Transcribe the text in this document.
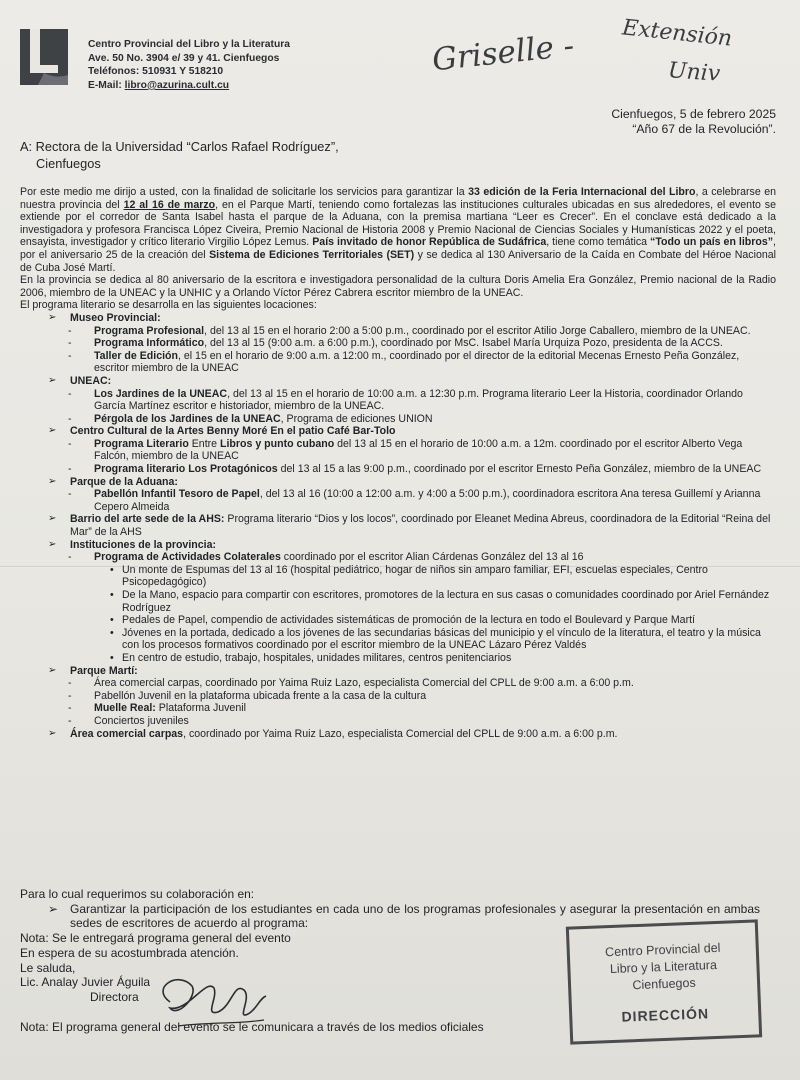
Centro Provincial del Libro y la Literatura
Ave. 50 No. 3904 e/ 39 y 41. Cienfuegos
Teléfonos: 510931 Y 518210
E-Mail: libro@azurina.cult.cu
Griselle - Extensión
Univ
Cienfuegos, 5 de febrero 2025
“Año 67 de la Revolución”.
A: Rectora de la Universidad “Carlos Rafael Rodríguez”,
Cienfuegos

Por este medio me dirijo a usted, con la finalidad de solicitarle los servicios para garantizar la 33 edición de la Feria Internacional del Libro, a celebrarse en nuestra provincia del 12 al 16 de marzo, en el Parque Martí, teniendo como fortalezas las instituciones culturales ubicadas en sus alrededores, el evento se extiende por el corredor de Santa Isabel hasta el parque de la Aduana, con la premisa martiana “Leer es Crecer”. En el conclave está dedicado a la investigadora y profesora Francisca López Civeira, Premio Nacional de Historia 2008 y Premio Nacional de Ciencias Sociales y Humanísticas 2022 y el poeta, ensayista, investigador y crítico literario Virgilio López Lemus. País invitado de honor República de Sudáfrica, tiene como temática “Todo un país en libros”, por el aniversario 25 de la creación del Sistema de Ediciones Territoriales (SET) y se dedica al 130 Aniversario de la Caída en Combate del Héroe Nacional de Cuba José Martí.

En la provincia se dedica al 80 aniversario de la escritora e investigadora personalidad de la cultura Doris Amelia Era González, Premio nacional de la Radio 2006, miembro de la UNEAC y la UNHIC y a Orlando Víctor Pérez Cabrera escritor miembro de la UNEAC.

El programa literario se desarrolla en las siguientes locaciones:

➢ Museo Provincial:
- Programa Profesional, del 13 al 15 en el horario 2:00 a 5:00 p.m., coordinado por el escritor Atilio Jorge Caballero, miembro de la UNEAC.
- Programa Informático, del 13 al 15 (9:00 a.m. a 6:00 p.m.), coordinado por MsC. Isabel María Urquiza Pozo, presidenta de la ACCS.
- Taller de Edición, el 15 en el horario de 9:00 a.m. a 12:00 m., coordinado por el director de la editorial Mecenas Ernesto Peña González, escritor miembro de la UNEAC
➢ UNEAC:
- Los Jardines de la UNEAC, del 13 al 15 en el horario de 10:00 a.m. a 12:30 p.m. Programa literario Leer la Historia, coordinador Orlando García Martínez escritor e historiador, miembro de la UNEAC.
- Pérgola de los Jardines de la UNEAC, Programa de ediciones UNION
➢ Centro Cultural de la Artes Benny Moré En el patio Café Bar-Tolo
- Programa Literario Entre Libros y punto cubano del 13 al 15 en el horario de 10:00 a.m. a 12m. coordinado por el escritor Alberto Vega Falcón, miembro de la UNEAC
- Programa literario Los Protagónicos del 13 al 15 a las 9:00 p.m., coordinado por el escritor Ernesto Peña González, miembro de la UNEAC
➢ Parque de la Aduana:
- Pabellón Infantil Tesoro de Papel, del 13 al 16 (10:00 a 12:00 a.m. y 4:00 a 5:00 p.m.), coordinadora escritora Ana teresa Guillemí y Arianna Cepero Almeida
➢ Barrio del arte sede de la AHS: Programa literario “Dios y los locos”, coordinado por Eleanet Medina Abreus, coordinadora de la Editorial “Reina del Mar” de la AHS
➢ Instituciones de la provincia:
- Programa de Actividades Colaterales coordinado por el escritor Alian Cárdenas González del 13 al 16
• Un monte de Espumas del 13 al 16 (hospital pediátrico, hogar de niños sin amparo familiar, EFI, escuelas especiales, Centro Psicopedagógico)
• De la Mano, espacio para compartir con escritores, promotores de la lectura en sus casas o comunidades coordinado por Ariel Fernández Rodríguez
• Pedales de Papel, compendio de actividades sistemáticas de promoción de la lectura en todo el Boulevard y Parque Martí
• Jóvenes en la portada, dedicado a los jóvenes de las secundarias básicas del municipio y el vínculo de la literatura, el teatro y la música con los procesos formativos coordinado por el escritor miembro de la UNEAC Lázaro Pérez Valdés
• En centro de estudio, trabajo, hospitales, unidades militares, centros penitenciarios
➢ Parque Martí:
- Área comercial carpas, coordinado por Yaima Ruiz Lazo, especialista Comercial del CPLL de 9:00 a.m. a 6:00 p.m.
- Pabellón Juvenil en la plataforma ubicada frente a la casa de la cultura
- Muelle Real: Plataforma Juvenil
- Conciertos juveniles
➢ Área comercial carpas, coordinado por Yaima Ruiz Lazo, especialista Comercial del CPLL de 9:00 a.m. a 6:00 p.m.
Para lo cual requerimos su colaboración en:
➢ Garantizar la participación de los estudiantes en cada uno de los programas profesionales y asegurar la presentación en ambas sedes de escritores de acuerdo al programa:
Nota: Se le entregará programa general del evento
En espera de su acostumbrada atención.
Le saluda,
Lic. Analay Juvier Águila
Directora
Nota: El programa general del evento se le comunicara a través de los medios oficiales
Centro Provincial del
Libro y la Literatura
Cienfuegos
DIRECCIÓN
